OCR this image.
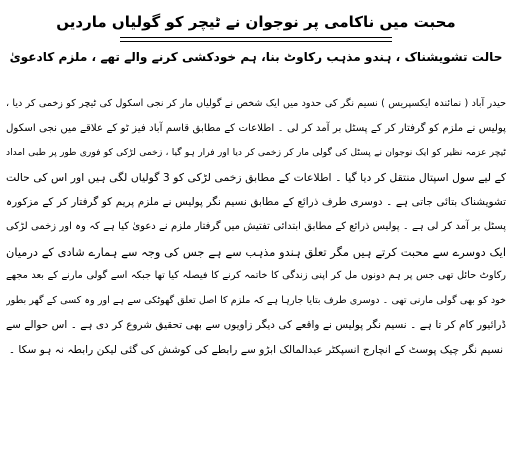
محبت میں ناکامی پر نوجوان نے ٹیچر کو گولیاں ماردیں
حالت تشویشناک ، ہندو مذہب رکاوٹ بنا، ہم خودکشی کرنے والے تھے ، ملزم کادعویٰ
حیدر آباد ( نمائندہ ایکسپریس ) نسیم نگر کی حدود میں ایک شخص نے گولیاں مار کر نجی اسکول کی ٹیچر کو زخمی کر دیا ،
پولیس نے ملزم کو گرفتار کر کے پسٹل بر آمد کر لی ۔ اطلاعات کے مطابق قاسم آباد فیز ٹو کے علاقے میں نجی اسکول
ٹیچر عزمہ نظیر کو ایک نوجوان نے پسٹل کی گولی مار کر زخمی کر دیا اور فرار ہو گیا ، زخمی لڑکی کو فوری طور پر طبی امداد
کے لیے سول اسپتال منتقل کر دیا گیا ۔ اطلاعات کے مطابق زخمی لڑکی کو 3 گولیاں لگی ہیں اور اس کی حالت
تشویشناک بتائی جاتی ہے ۔ دوسری طرف ذرائع کے مطابق نسیم نگر پولیس نے ملزم پریم کو گرفتار کر کے مزکورہ
پسٹل بر آمد کر لی ہے ۔ پولیس ذرائع کے مطابق ابتدائی تفتیش میں گرفتار ملزم نے دعویٰ کیا ہے کہ وہ اور زخمی لڑکی
ایک دوسرے سے محبت کرتے ہیں مگر تعلق ہندو مذہب سے ہے جس کی وجہ سے ہمارے شادی کے درمیان
رکاوٹ حائل تھی جس پر ہم دونوں مل کر اپنی زندگی کا خاتمہ کرنے کا فیصلہ کیا تھا جبکہ اسے گولی مارنے کے بعد مجھے
خود کو بھی گولی مارنی تھی ۔ دوسری طرف بتایا جارہا ہے کہ ملزم کا اصل تعلق گھوٹکی سے ہے اور وہ کسی کے گھر بطور
ڈرائیور کام کر تا ہے ۔ نسیم نگر پولیس نے واقعے کی دیگر زاویوں سے بھی تحقیق شروع کر دی ہے ۔ اس حوالے سے
نسیم نگر چیک پوسٹ کے انچارج انسپکٹر عبدالمالک ابڑو سے رابطے کی کوشش کی گئی لیکن رابطہ نہ ہو سکا ۔
